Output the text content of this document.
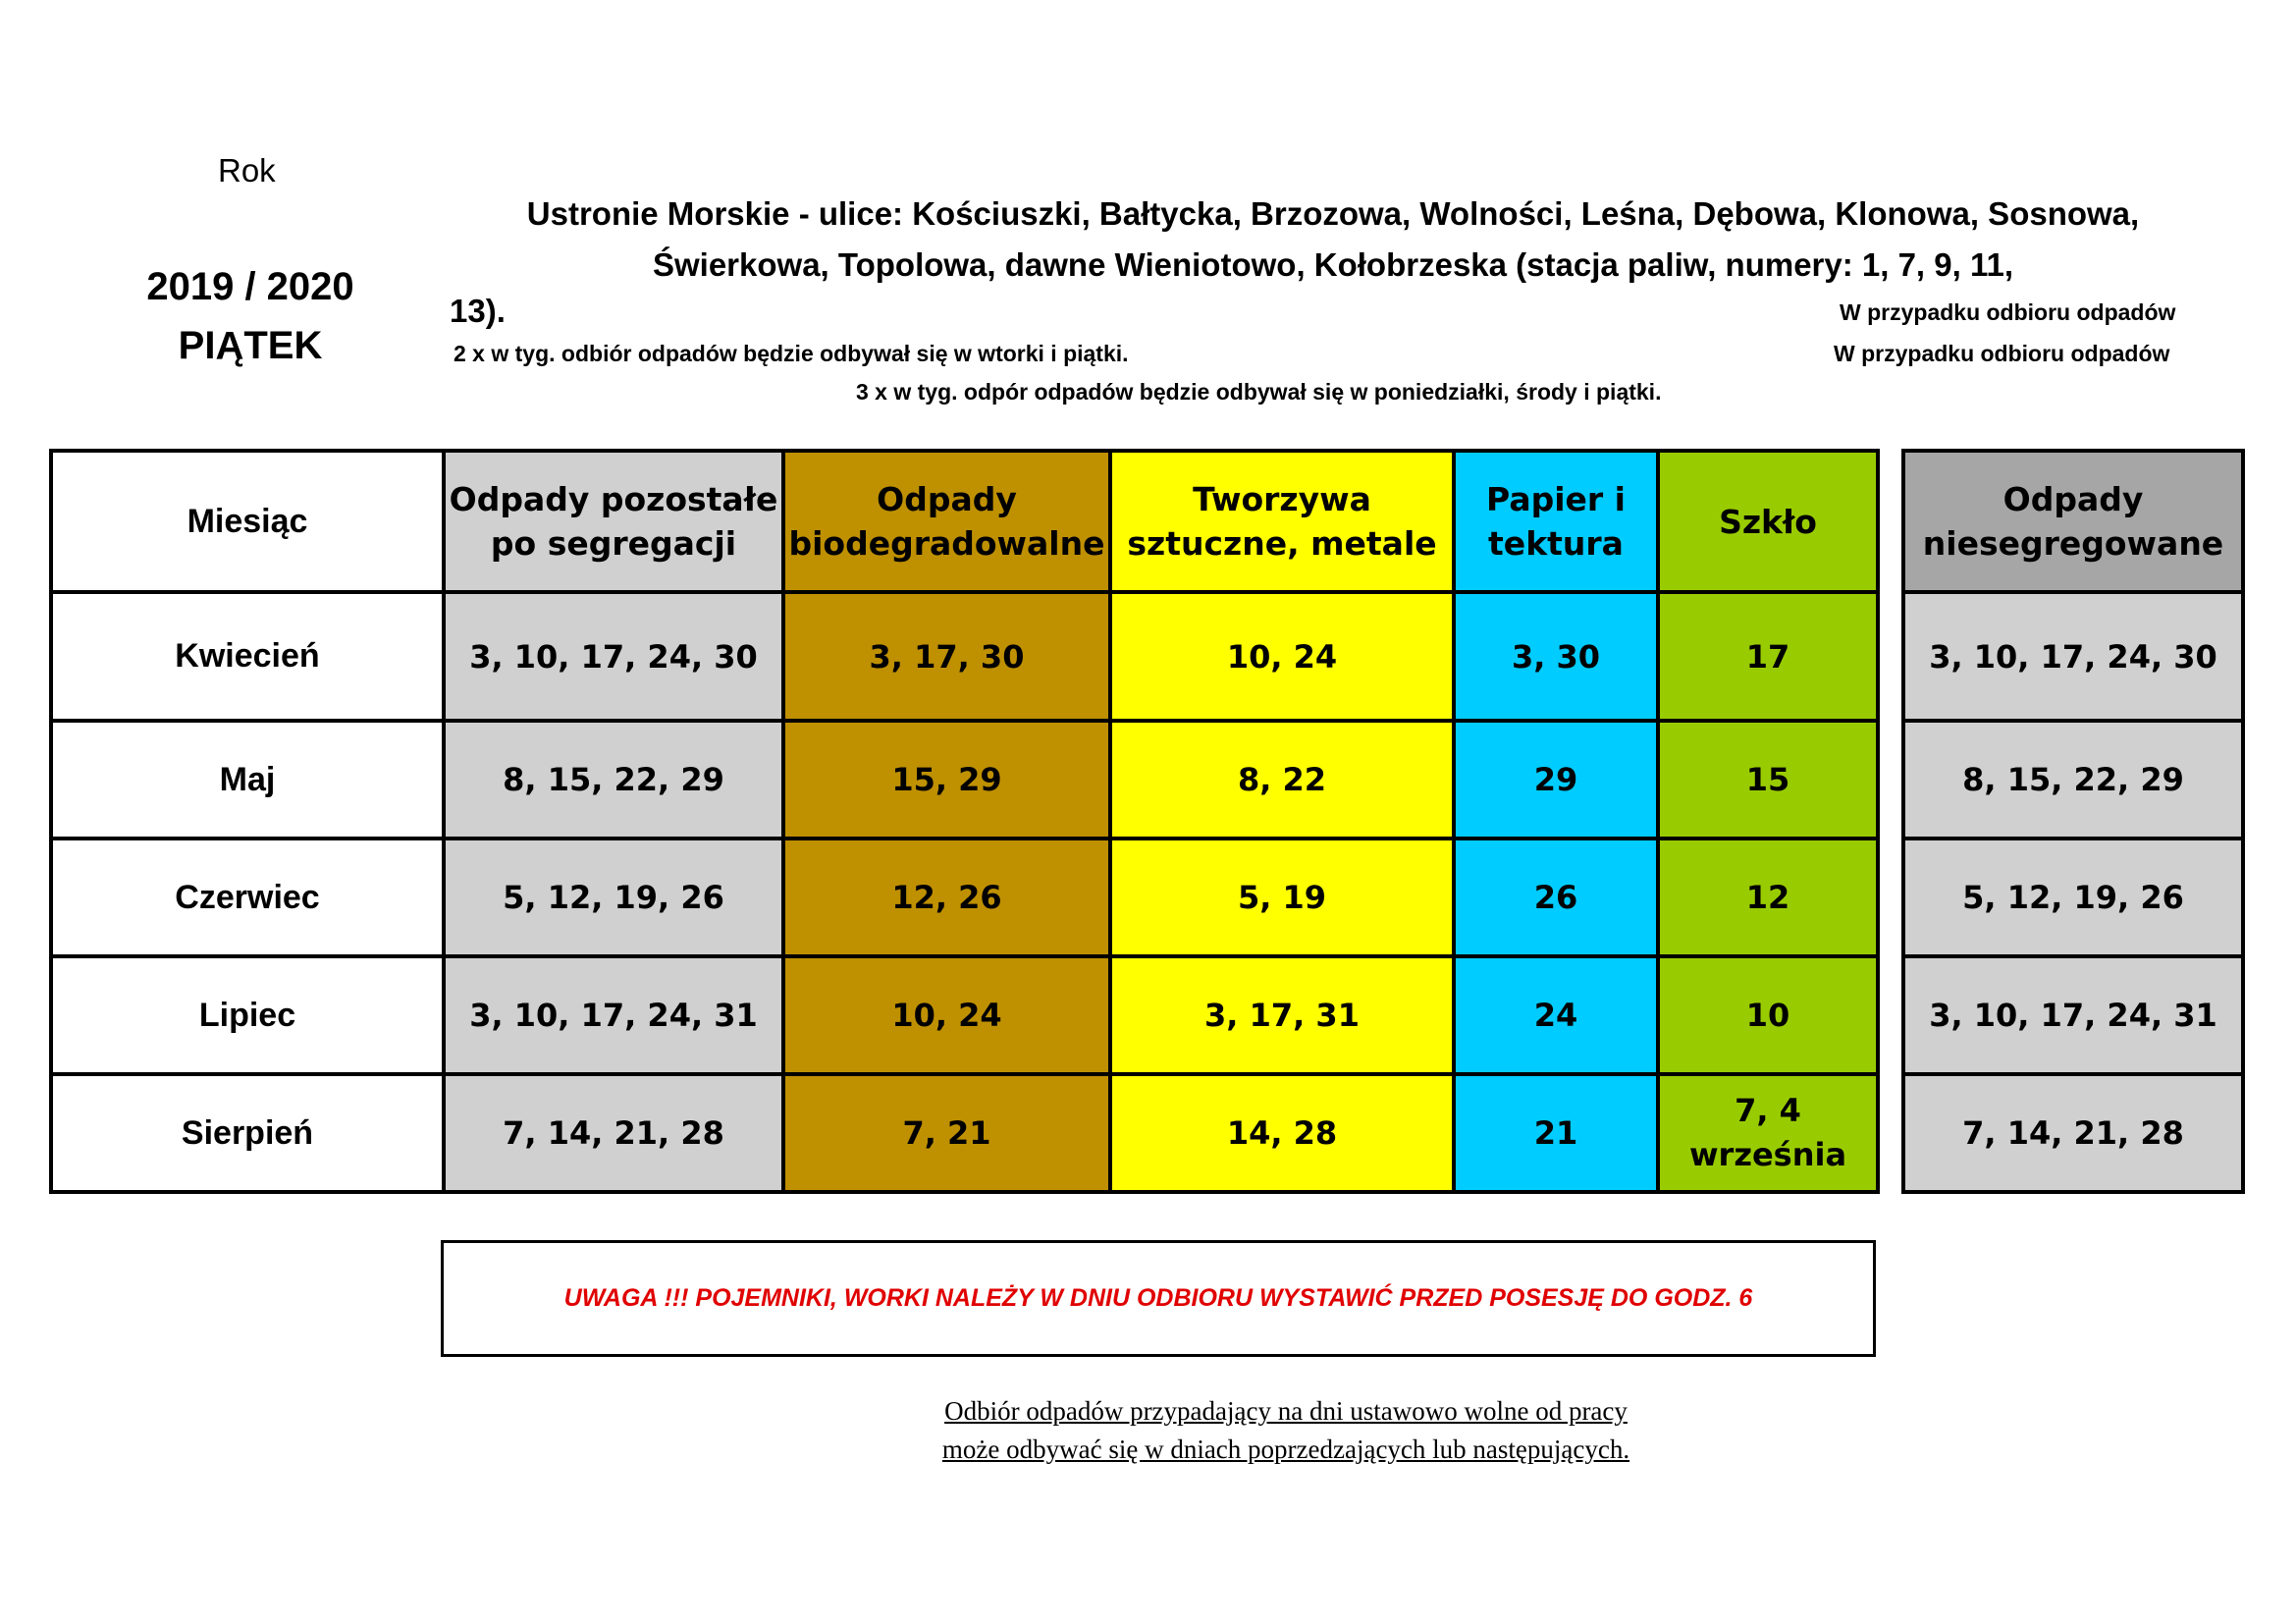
Rok
2019 / 2020
PIĄTEK
Ustronie Morskie - ulice: Kościuszki, Bałtycka, Brzozowa, Wolności, Leśna, Dębowa, Klonowa, Sosnowa, Świerkowa, Topolowa, dawne Wieniotowo, Kołobrzeska (stacja paliw, numery: 1, 7, 9, 11,
13).	W przypadku odbioru odpadów
2 x w tyg. odbiór odpadów będzie odbywał się w wtorki i piątki.	W przypadku odbioru odpadów
3 x w tyg. odpór odpadów będzie odbywał się w poniedziałki, środy i piątki.
Miesiąc	Odpady pozostałe po segregacji	Odpady biodegradowalne	Tworzywa sztuczne, metale	Papier i tektura	Szkło		Odpady niesegregowane
Kwiecień	3, 10, 17, 24, 30	3, 17, 30	10, 24	3, 30	17		3, 10, 17, 24, 30
Maj	8, 15, 22, 29	15, 29	8, 22	29	15		8, 15, 22, 29
Czerwiec	5, 12, 19, 26	12, 26	5, 19	26	12		5, 12, 19, 26
Lipiec	3, 10, 17, 24, 31	10, 24	3, 17, 31	24	10		3, 10, 17, 24, 31
Sierpień	7, 14, 21, 28	7, 21	14, 28	21	7, 4 września		7, 14, 21, 28
UWAGA !!! POJEMNIKI, WORKI NALEŻY W DNIU ODBIORU WYSTAWIĆ PRZED POSESJĘ DO GODZ. 6
Odbiór odpadów przypadający na dni ustawowo wolne od pracy
może odbywać się w dniach poprzedzających lub następujących.
